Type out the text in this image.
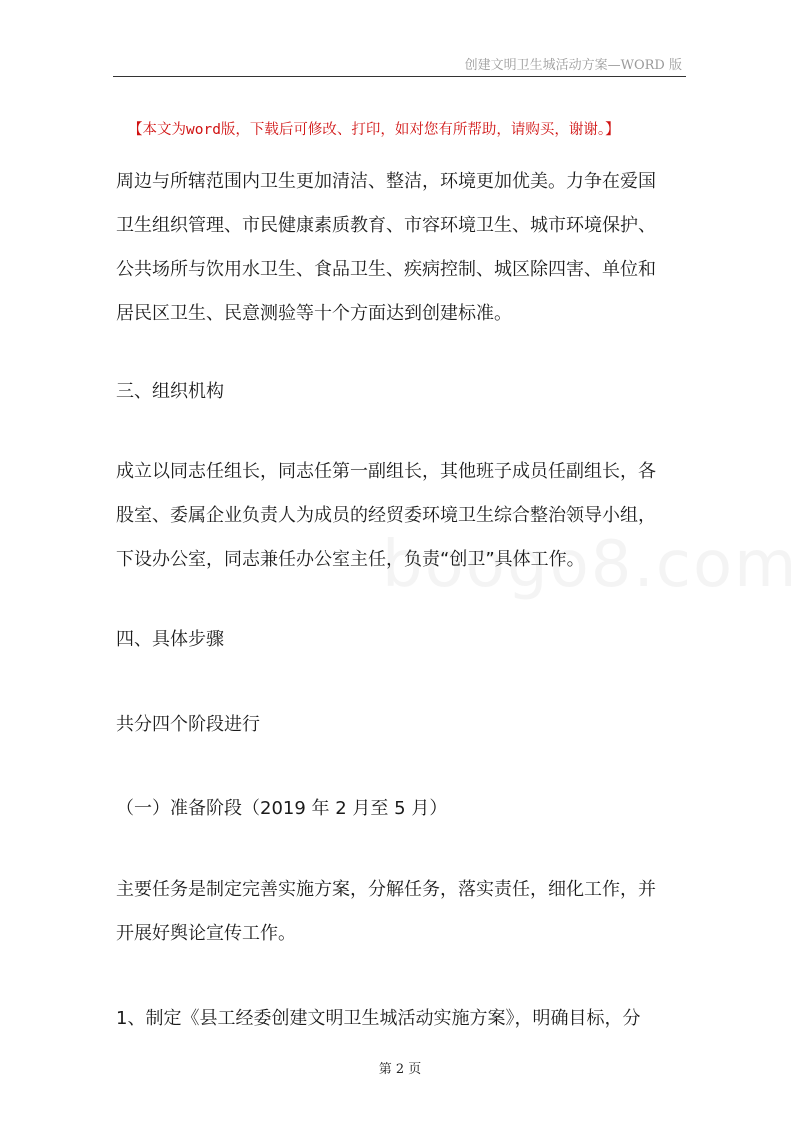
创建文明卫生城活动方案—WORD 版
【本文为word版，下载后可修改、打印，如对您有所帮助，请购买，谢谢。】
周边与所辖范围内卫生更加清洁、整洁，环境更加优美。力争在爱国
卫生组织管理、市民健康素质教育、市容环境卫生、城市环境保护、
公共场所与饮用水卫生、食品卫生、疾病控制、城区除四害、单位和
居民区卫生、民意测验等十个方面达到创建标准。
三、组织机构
成立以同志任组长，同志任第一副组长，其他班子成员任副组长，各
股室、委属企业负责人为成员的经贸委环境卫生综合整治领导小组，
下设办公室，同志兼任办公室主任，负责“创卫”具体工作。
四、具体步骤
共分四个阶段进行
（一）准备阶段（2019 年 2 月至 5 月）
主要任务是制定完善实施方案，分解任务，落实责任，细化工作，并
开展好舆论宣传工作。
1、制定《县工经委创建文明卫生城活动实施方案》，明确目标，分
第 2 页
